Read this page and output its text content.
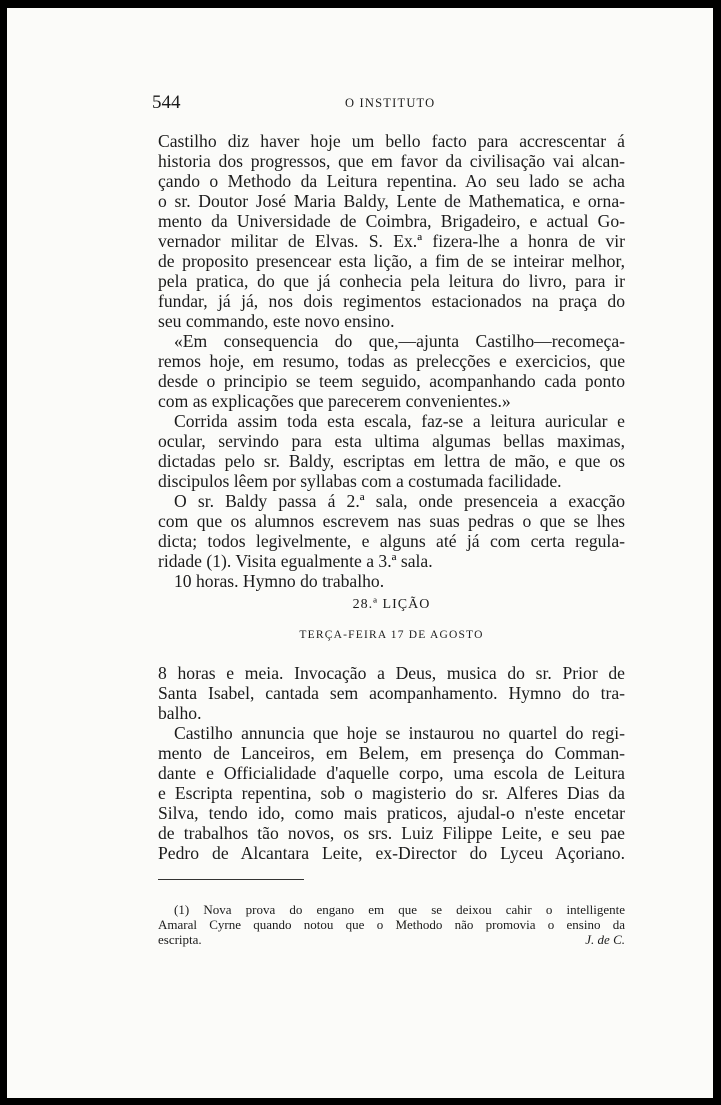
544	O INSTITUTO
Castilho diz haver hoje um bello facto para accrescentar á
historia dos progressos, que em favor da civilisação vai alcan-
çando o Methodo da Leitura repentina. Ao seu lado se acha
o sr. Doutor José Maria Baldy, Lente de Mathematica, e orna-
mento da Universidade de Coimbra, Brigadeiro, e actual Go-
vernador militar de Elvas. S. Ex.ª fizera-lhe a honra de vir
de proposito presencear esta lição, a fim de se inteirar melhor,
pela pratica, do que já conhecia pela leitura do livro, para ir
fundar, já já, nos dois regimentos estacionados na praça do
seu commando, este novo ensino.
«Em consequencia do que,—ajunta Castilho—recomeça-
remos hoje, em resumo, todas as prelecções e exercicios, que
desde o principio se teem seguido, acompanhando cada ponto
com as explicações que parecerem convenientes.»
Corrida assim toda esta escala, faz-se a leitura auricular e
ocular, servindo para esta ultima algumas bellas maximas,
dictadas pelo sr. Baldy, escriptas em lettra de mão, e que os
discipulos lêem por syllabas com a costumada facilidade.
O sr. Baldy passa á 2.ª sala, onde presenceia a exacção
com que os alumnos escrevem nas suas pedras o que se lhes
dicta; todos legivelmente, e alguns até já com certa regula-
ridade (1). Visita egualmente a 3.ª sala.
10 horas. Hymno do trabalho.
28.ª LIÇÃO
TERÇA-FEIRA 17 DE AGOSTO
8 horas e meia. Invocação a Deus, musica do sr. Prior de
Santa Isabel, cantada sem acompanhamento. Hymno do tra-
balho.
Castilho annuncia que hoje se instaurou no quartel do regi-
mento de Lanceiros, em Belem, em presença do Comman-
dante e Officialidade d'aquelle corpo, uma escola de Leitura
e Escripta repentina, sob o magisterio do sr. Alferes Dias da
Silva, tendo ido, como mais praticos, ajudal-o n'este encetar
de trabalhos tão novos, os srs. Luiz Filippe Leite, e seu pae
Pedro de Alcantara Leite, ex-Director do Lyceu Açoriano.
(1) Nova prova do engano em que se deixou cahir o intelligente
Amaral Cyrne quando notou que o Methodo não promovia o ensino da
escripta.	J. de C.
